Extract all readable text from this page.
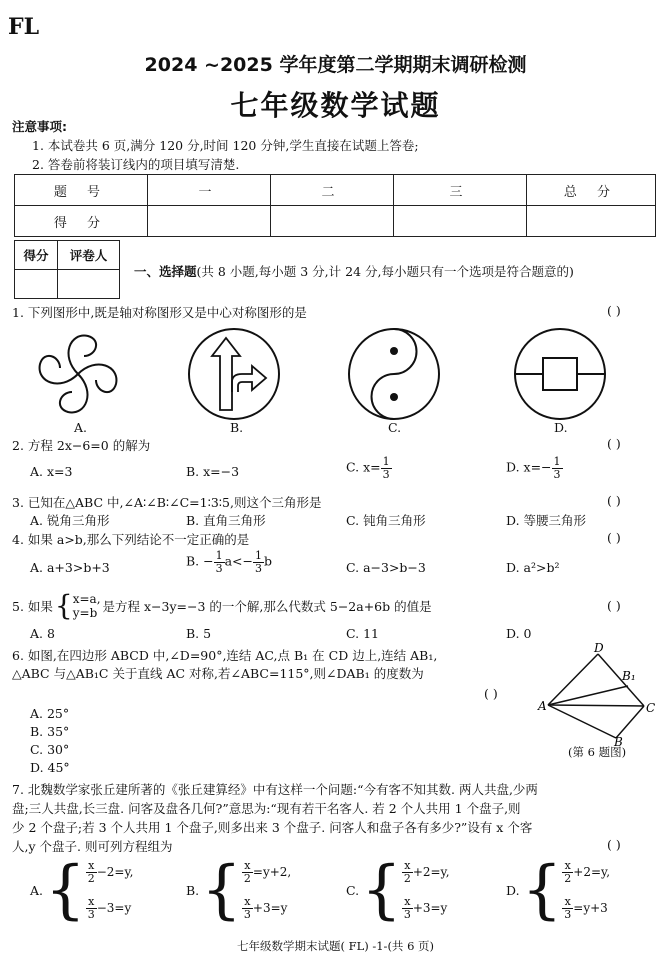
FL
2024 ~2025 学年度第二学期期末调研检测
七年级数学试题
注意事项:
1. 本试卷共 6 页,满分 120 分,时间 120 分钟,学生直接在试题上答卷;
2. 答卷前将装订线内的项目填写清楚.
题 号	一	二	三	总 分
得 分				
得分	评卷人

一、选择题(共 8 小题,每小题 3 分,计 24 分,每小题只有一个选项是符合题意的)
1. 下列图形中,既是轴对称图形又是中心对称图形的是	( )
A.	B.	C.	D.
2. 方程 2x−6=0 的解为	( )
A. x=3	B. x=−3	C. $x= \frac{1}{3}$	D. $x=- \frac{1}{3}$
3. 已知在△ABC 中,∠A∶∠B∶∠C=1∶3∶5,则这个三角形是	( )
A. 锐角三角形	B. 直角三角形	C. 钝角三角形	D. 等腰三角形
4. 如果 a>b,那么下列结论不一定正确的是	( )
A. a+3>b+3	B. − $\frac{1}{3} a<- \frac{1}{3}$ b	C. a−3>b−3	D. a²>b²
5. 如果 { x=a,
y=b 是方程 x−3y=−3 的一个解,那么代数式 5−2a+6b 的值是	( )
A. 8	B. 5	C. 11	D. 0
6. 如图,在四边形 ABCD 中,∠D=90°,连结 AC,点 B₁ 在 CD 边上,连结 AB₁,
△ABC 与△AB₁C 关于直线 AC 对称,若∠ABC=115°,则∠DAB₁ 的度数为
( )
A. 25°
B. 35°
C. 30°
D. 45°
D
B₁
A	C
B
(第 6 题图)
7. 北魏数学家张丘建所著的《张丘建算经》中有这样一个问题:“今有客不知其数. 两人共盘,少两
盘;三人共盘,长三盘. 问客及盘各几何?”意思为:“现有若干名客人. 若 2 个人共用 1 个盘子,则
少 2 个盘子;若 3 个人共用 1 个盘子,则多出来 3 个盘子. 问客人和盘子各有多少?”设有 x 个客
人,y 个盘子. 则可列方程组为	( )
A. { $\frac{x}{2} -2=y$,
$\frac{x}{3} -3=y$
B. { $\frac{x}{2} =y+2$,
$\frac{x}{3} +3=y$
C. { $\frac{x}{2} +2=y$,
$\frac{x}{3} +3=y$
D. { $\frac{x}{2} +2=y$,
$\frac{x}{3} =y+3$
七年级数学期末试题( FL) -1-(共 6 页)
